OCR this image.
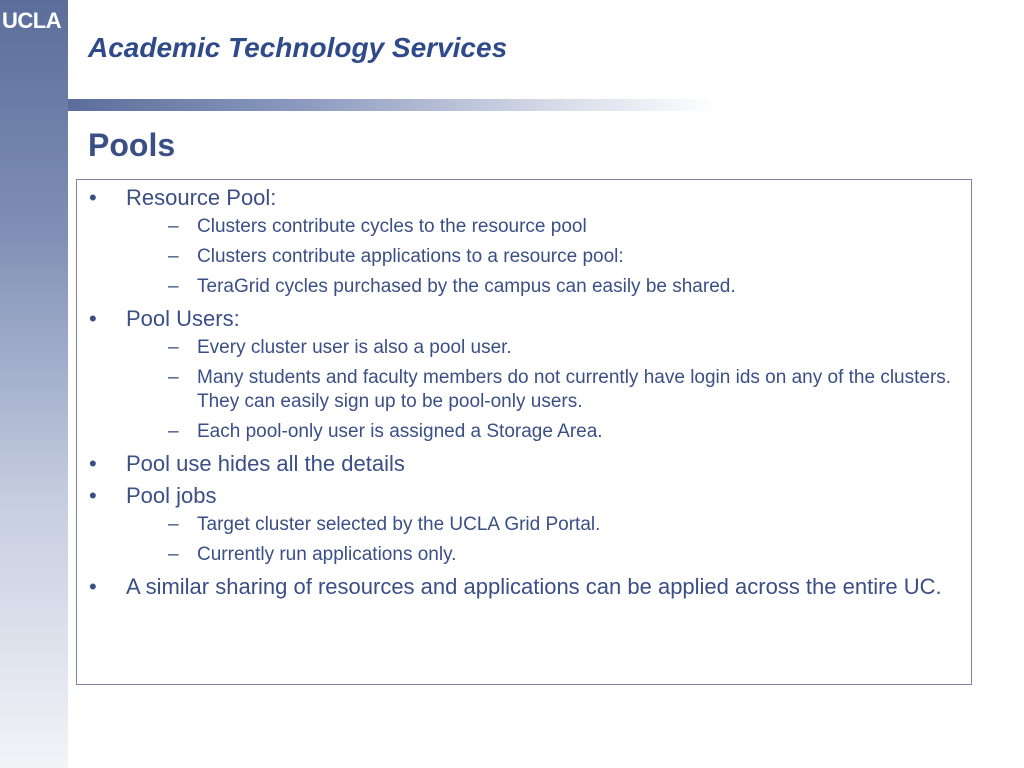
UCLA
Academic Technology Services
Pools
• Resource Pool:
– Clusters contribute cycles to the resource pool
– Clusters contribute applications to a resource pool:
– TeraGrid cycles purchased by the campus can easily be shared.
• Pool Users:
– Every cluster user is also a pool user.
– Many students and faculty members do not currently have login ids on any of the clusters. They can easily sign up to be pool-only users.
– Each pool-only user is assigned a Storage Area.
• Pool use hides all the details
• Pool jobs
– Target cluster selected by the UCLA Grid Portal.
– Currently run applications only.
• A similar sharing of resources and applications can be applied across the entire UC.
